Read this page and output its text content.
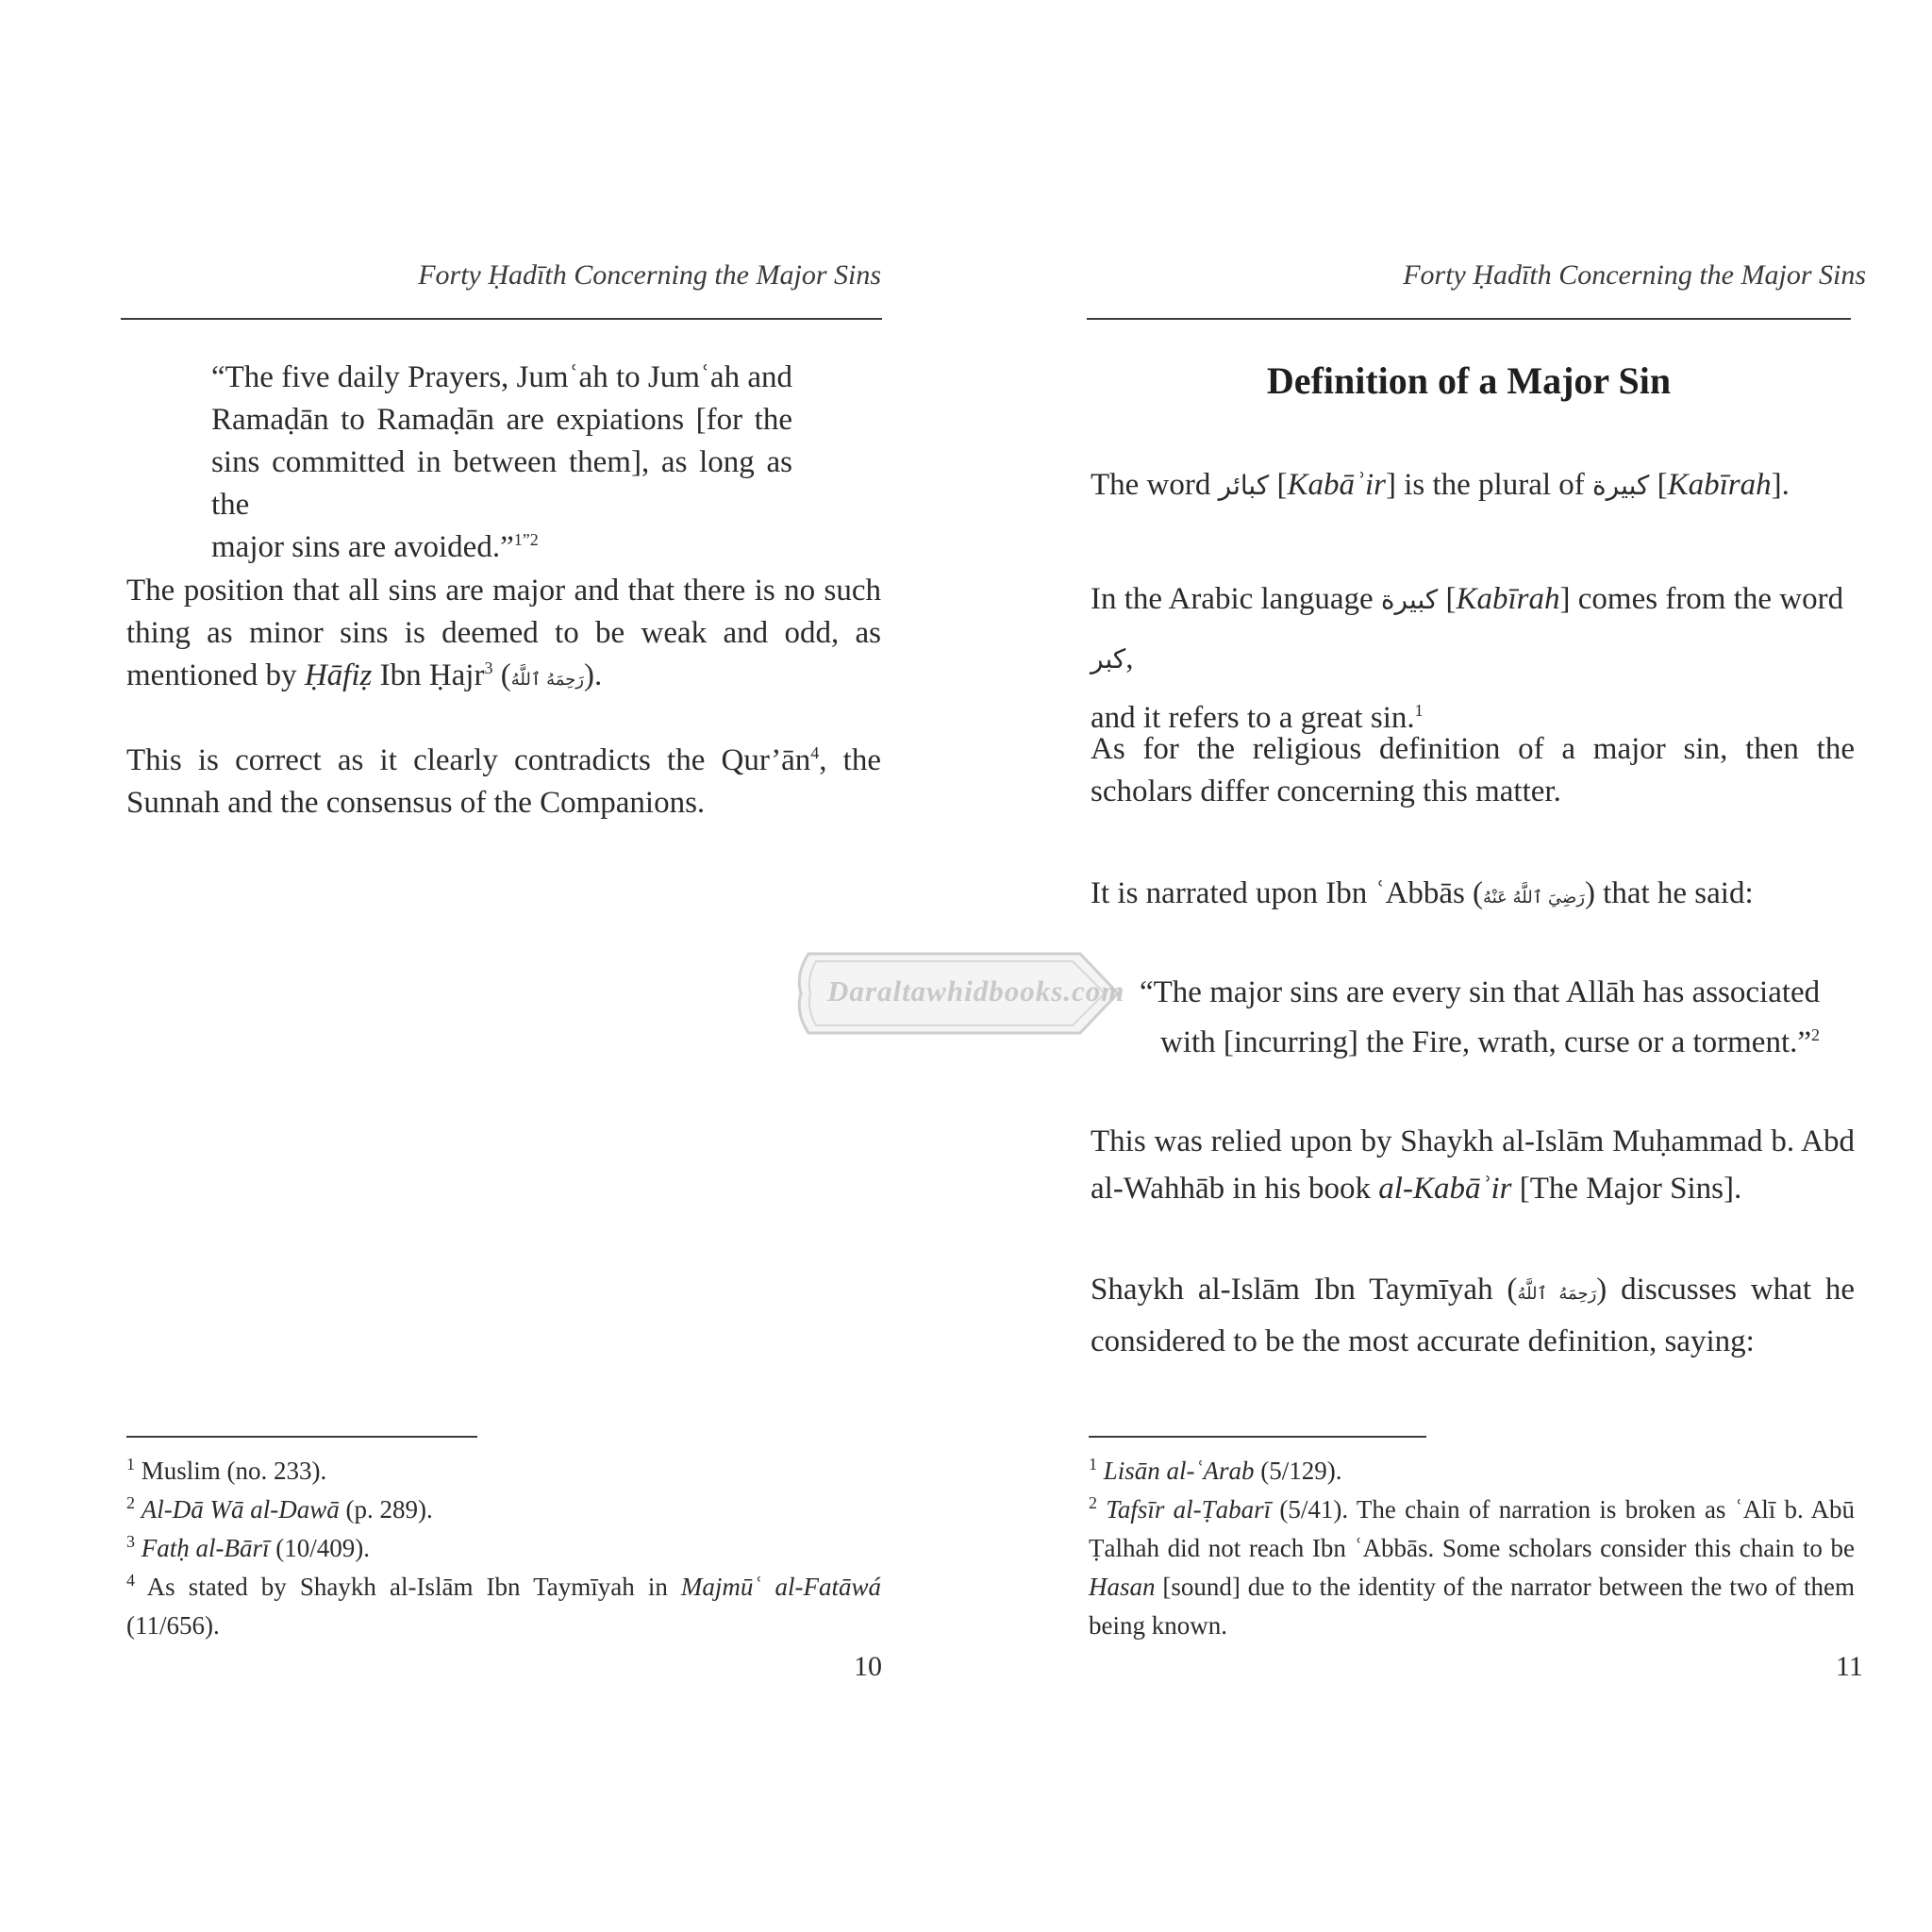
Forty Ḥadīth Concerning the Major Sins
“The five daily Prayers, Jumʿah to Jumʿah and
Ramaḍān to Ramaḍān are expiations [for the
sins committed in between them], as long as the
major sins are avoided.”$^{1”2}$
The position that all sins are major and that there is no such thing as minor sins is deemed to be weak and odd, as mentioned by Ḥāfiẓ Ibn Ḥajr$^3$ (رَحِمَهُ ٱللَّهُ).
This is correct as it clearly contradicts the $Qur’ān^4$, the Sunnah and the consensus of the Companions.

$^1$ Muslim (no. 233).

$^2$ Al-Dā Wā al-Dawā (p. 289).

$^3$ Fatḥ al-Bārī (10/409).

$^4$ As stated by Shaykh al-Islām Ibn Taymīyah in Majmūʿ al-Fatāwá (11/656).

10
Forty Ḥadīth Concerning the Major Sins
Definition of a Major Sin
The word كبائر [Kabāʾir] is the plural of كبيرة [Kabīrah].
In the Arabic language كبيرة [Kabīrah] comes from the word كبر,
and it refers to a great sin.$^1$
As for the religious definition of a major sin, then the scholars differ concerning this matter.
It is narrated upon Ibn ʿAbbās (رَضِيَ ٱللَّهُ عَنْهُ) that he said:
“The major sins are every sin that Allāh has associated
with [incurring] the Fire, wrath, curse or a torment.”$^2$
This was relied upon by Shaykh al-Islām Muḥammad b. Abd al-Wahhāb in his book al-Kabāʾir [The Major Sins].
Shaykh al-Islām Ibn Taymīyah (رَحِمَهُ ٱللَّهُ) discusses what he considered to be the most accurate definition, saying:

$^1$ Lisān al-ʿArab (5/129).

$^2$ Tafsīr al-Ṭabarī (5/41). The chain of narration is broken as ʿAlī b. Abū Ṭalhah did not reach Ibn ʿAbbās. Some scholars consider this chain to be Hasan [sound] due to the identity of the narrator between the two of them being known.

11
Daraltawhidbooks.com
